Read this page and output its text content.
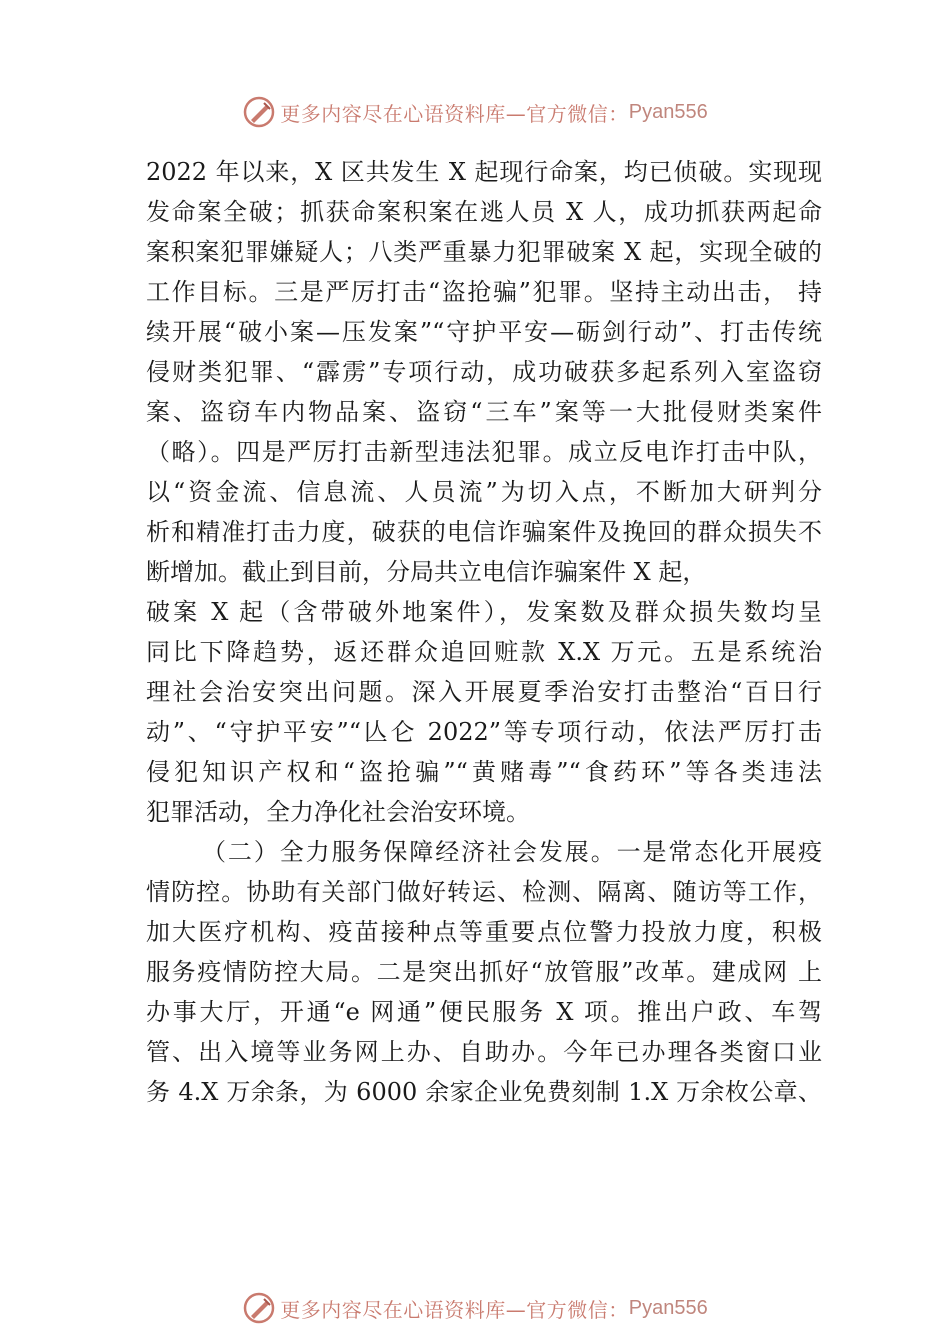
更多内容尽在心语资料库—官方微信： Pyan556
2022 年以来，X 区共发生 X 起现行命案，均已侦破。实现现
发命案全破；抓获命案积案在逃人员 X 人，成功抓获两起命
案积案犯罪嫌疑人；八类严重暴力犯罪破案 X 起，实现全破的
工作目标。三是严厉打击“盗抢骗”犯罪。坚持主动出击， 持
续开展“破小案—压发案”“守护平安—砺剑行动”、打击传统
侵财类犯罪、“霹雳”专项行动，成功破获多起系列入室盗窃
案、盗窃车内物品案、盗窃“三车”案等一大批侵财类案件
（略）。四是严厉打击新型违法犯罪。成立反电诈打击中队，
以“资金流、信息流、人员流”为切入点，不断加大研判分
析和精准打击力度，破获的电信诈骗案件及挽回的群众损失不
断增加。截止到目前，分局共立电信诈骗案件 X 起，
破案 X 起（含带破外地案件），发案数及群众损失数均呈
同比下降趋势，返还群众追回赃款 X.X 万元。五是系统治
理社会治安突出问题。深入开展夏季治安打击整治“百日行
动”、“守护平安”“亾仑 2022”等专项行动，依法严厉打击
侵犯知识产权和“盗抢骗”“黄赌毒”“食药环”等各类违法
犯罪活动，全力净化社会治安环境。
（二）全力服务保障经济社会发展。一是常态化开展疫
情防控。协助有关部门做好转运、检测、隔离、随访等工作，
加大医疗机构、疫苗接种点等重要点位警力投放力度，积极
服务疫情防控大局。二是突出抓好“放管服”改革。建成网 上
办事大厅，开通“e 网通”便民服务 X 项。推出户政、车驾
管、出入境等业务网上办、自助办。今年已办理各类窗口业
务 4.X 万余条，为 6000 余家企业免费刻制 1.X 万余枚公章、
更多内容尽在心语资料库—官方微信： Pyan556
